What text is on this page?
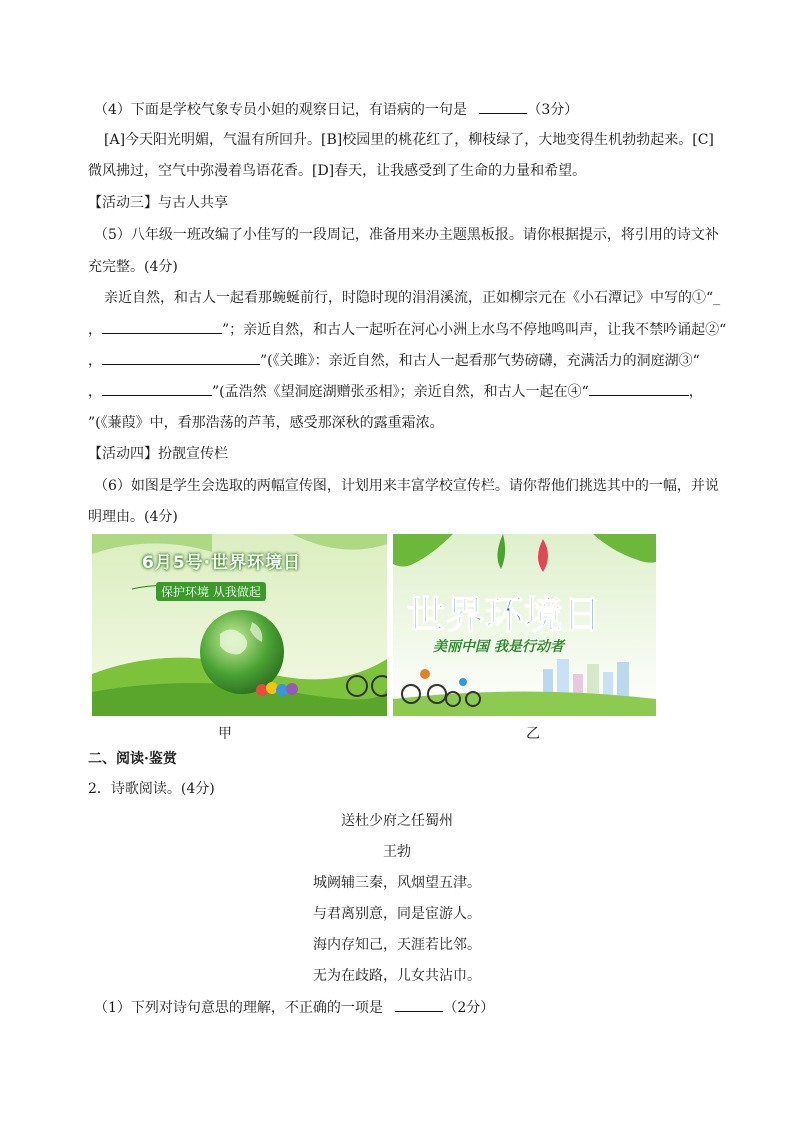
（4）下面是学校气象专员小妲的观察日记，有语病的一句是	（3分）
[A]今天阳光明媚，气温有所回升。[B]校园里的桃花红了，柳枝绿了，大地变得生机勃勃起来。[C]
微风拂过，空气中弥漫着鸟语花香。[D]春天，让我感受到了生命的力量和希望。
【活动三】与古人共享
（5）八年级一班改编了小佳写的一段周记，准备用来办主题黑板报。请你根据提示，将引用的诗文补
充完整。(4分)
亲近自然，和古人一起看那蜿蜒前行，时隐时现的涓涓溪流，正如柳宗元在《小石潭记》中写的①“_
，	”；亲近自然，和古人一起听在河心小洲上水鸟不停地鸣叫声，让我不禁吟诵起②“
，	”(《关雎》：亲近自然，和古人一起看那气势磅礴，充满活力的洞庭湖③“
，	”(孟浩然《望洞庭湖赠张丞相》；亲近自然，和古人一起在④“	，
”(《蒹葭》中，看那浩荡的芦苇，感受那深秋的露重霜浓。
【活动四】扮靓宣传栏
（6）如图是学生会选取的两幅宣传图，计划用来丰富学校宣传栏。请你帮他们挑选其中的一幅，并说
明理由。(4分)
6月5号·世界环境日
保护环境 从我做起
甲
世界环境日
美丽中国 我是行动者
乙
二、阅读·鉴赏
2．诗歌阅读。(4分)
送杜少府之任蜀州
王勃
城阙辅三秦，风烟望五津。
与君离别意，同是宦游人。
海内存知己，天涯若比邻。
无为在歧路，儿女共沾巾。
（1）下列对诗句意思的理解，不正确的一项是	（2分）
